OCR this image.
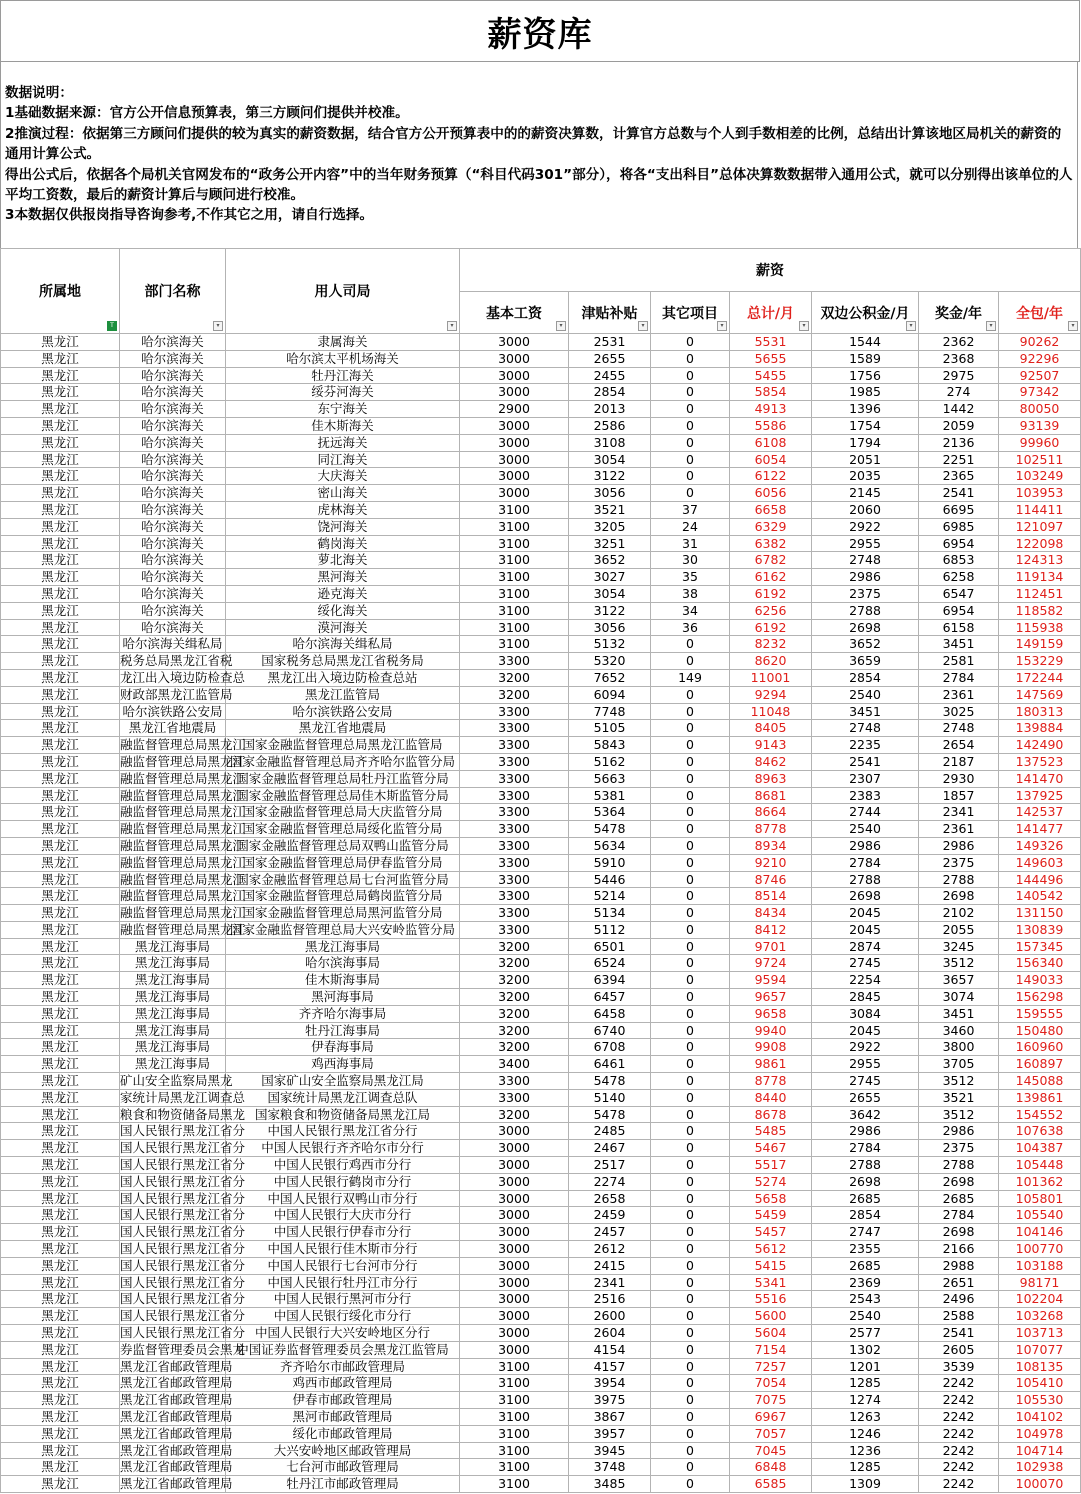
薪资库
数据说明：
1基础数据来源：官方公开信息预算表，第三方顾问们提供并校准。
2推演过程：依据第三方顾问们提供的较为真实的薪资数据，结合官方公开预算表中的的薪资决算数，计算官方总数与个人到手数相差的比例，总结出计算该地区局机关的薪资的通用计算公式。
得出公式后，依据各个局机关官网发布的“政务公开内容”中的当年财务预算（“科目代码301”部分），将各“支出科目”总体决算数数据带入通用公式，就可以分别得出该单位的人平均工资数，最后的薪资计算后与顾问进行校准。
3本数据仅供报岗指导咨询参考,不作其它之用，请自行选择。
所属地
T	部门名称
▾	用人司局
▾	薪资						
			基本工资
▾	津贴补贴
▾	其它项目
▾	总计/月
▾	双边公积金/月
▾	奖金/年
▾	全包/年
▾

黑龙江	哈尔滨海关	隶属海关	3000	2531	0	5531	1544	2362	90262
黑龙江	哈尔滨海关	哈尔滨太平机场海关	3000	2655	0	5655	1589	2368	92296
黑龙江	哈尔滨海关	牡丹江海关	3000	2455	0	5455	1756	2975	92507
黑龙江	哈尔滨海关	绥芬河海关	3000	2854	0	5854	1985	274	97342
黑龙江	哈尔滨海关	东宁海关	2900	2013	0	4913	1396	1442	80050
黑龙江	哈尔滨海关	佳木斯海关	3000	2586	0	5586	1754	2059	93139
黑龙江	哈尔滨海关	抚远海关	3000	3108	0	6108	1794	2136	99960
黑龙江	哈尔滨海关	同江海关	3000	3054	0	6054	2051	2251	102511
黑龙江	哈尔滨海关	大庆海关	3000	3122	0	6122	2035	2365	103249
黑龙江	哈尔滨海关	密山海关	3000	3056	0	6056	2145	2541	103953
黑龙江	哈尔滨海关	虎林海关	3100	3521	37	6658	2060	6695	114411
黑龙江	哈尔滨海关	饶河海关	3100	3205	24	6329	2922	6985	121097
黑龙江	哈尔滨海关	鹤岗海关	3100	3251	31	6382	2955	6954	122098
黑龙江	哈尔滨海关	萝北海关	3100	3652	30	6782	2748	6853	124313
黑龙江	哈尔滨海关	黑河海关	3100	3027	35	6162	2986	6258	119134
黑龙江	哈尔滨海关	逊克海关	3100	3054	38	6192	2375	6547	112451
黑龙江	哈尔滨海关	绥化海关	3100	3122	34	6256	2788	6954	118582
黑龙江	哈尔滨海关	漠河海关	3100	3056	36	6192	2698	6158	115938
黑龙江	哈尔滨海关缉私局	哈尔滨海关缉私局	3100	5132	0	8232	3652	3451	149159
黑龙江	税务总局黑龙江省税	国家税务总局黑龙江省税务局	3300	5320	0	8620	3659	2581	153229
黑龙江	龙江出入境边防检查总	黑龙江出入境边防检查总站	3200	7652	149	11001	2854	2784	172244
黑龙江	财政部黑龙江监管局	黑龙江监管局	3200	6094	0	9294	2540	2361	147569
黑龙江	哈尔滨铁路公安局	哈尔滨铁路公安局	3300	7748	0	11048	3451	3025	180313
黑龙江	黑龙江省地震局	黑龙江省地震局	3300	5105	0	8405	2748	2748	139884
黑龙江	融监督管理总局黑龙江	国家金融监督管理总局黑龙江监管局	3300	5843	0	9143	2235	2654	142490
黑龙江	融监督管理总局黑龙江	国家金融监督管理总局齐齐哈尔监管分局	3300	5162	0	8462	2541	2187	137523
黑龙江	融监督管理总局黑龙江	国家金融监督管理总局牡丹江监管分局	3300	5663	0	8963	2307	2930	141470
黑龙江	融监督管理总局黑龙江	国家金融监督管理总局佳木斯监管分局	3300	5381	0	8681	2383	1857	137925
黑龙江	融监督管理总局黑龙江	国家金融监督管理总局大庆监管分局	3300	5364	0	8664	2744	2341	142537
黑龙江	融监督管理总局黑龙江	国家金融监督管理总局绥化监管分局	3300	5478	0	8778	2540	2361	141477
黑龙江	融监督管理总局黑龙江	国家金融监督管理总局双鸭山监管分局	3300	5634	0	8934	2986	2986	149326
黑龙江	融监督管理总局黑龙江	国家金融监督管理总局伊春监管分局	3300	5910	0	9210	2784	2375	149603
黑龙江	融监督管理总局黑龙江	国家金融监督管理总局七台河监管分局	3300	5446	0	8746	2788	2788	144496
黑龙江	融监督管理总局黑龙江	国家金融监督管理总局鹤岗监管分局	3300	5214	0	8514	2698	2698	140542
黑龙江	融监督管理总局黑龙江	国家金融监督管理总局黑河监管分局	3300	5134	0	8434	2045	2102	131150
黑龙江	融监督管理总局黑龙江	国家金融监督管理总局大兴安岭监管分局	3300	5112	0	8412	2045	2055	130839
黑龙江	黑龙江海事局	黑龙江海事局	3200	6501	0	9701	2874	3245	157345
黑龙江	黑龙江海事局	哈尔滨海事局	3200	6524	0	9724	2745	3512	156340
黑龙江	黑龙江海事局	佳木斯海事局	3200	6394	0	9594	2254	3657	149033
黑龙江	黑龙江海事局	黑河海事局	3200	6457	0	9657	2845	3074	156298
黑龙江	黑龙江海事局	齐齐哈尔海事局	3200	6458	0	9658	3084	3451	159555
黑龙江	黑龙江海事局	牡丹江海事局	3200	6740	0	9940	2045	3460	150480
黑龙江	黑龙江海事局	伊春海事局	3200	6708	0	9908	2922	3800	160960
黑龙江	黑龙江海事局	鸡西海事局	3400	6461	0	9861	2955	3705	160897
黑龙江	矿山安全监察局黑龙	国家矿山安全监察局黑龙江局	3300	5478	0	8778	2745	3512	145088
黑龙江	家统计局黑龙江调查总	国家统计局黑龙江调查总队	3300	5140	0	8440	2655	3521	139861
黑龙江	粮食和物资储备局黑龙	国家粮食和物资储备局黑龙江局	3200	5478	0	8678	3642	3512	154552
黑龙江	国人民银行黑龙江省分	中国人民银行黑龙江省分行	3000	2485	0	5485	2986	2986	107638
黑龙江	国人民银行黑龙江省分	中国人民银行齐齐哈尔市分行	3000	2467	0	5467	2784	2375	104387
黑龙江	国人民银行黑龙江省分	中国人民银行鸡西市分行	3000	2517	0	5517	2788	2788	105448
黑龙江	国人民银行黑龙江省分	中国人民银行鹤岗市分行	3000	2274	0	5274	2698	2698	101362
黑龙江	国人民银行黑龙江省分	中国人民银行双鸭山市分行	3000	2658	0	5658	2685	2685	105801
黑龙江	国人民银行黑龙江省分	中国人民银行大庆市分行	3000	2459	0	5459	2854	2784	105540
黑龙江	国人民银行黑龙江省分	中国人民银行伊春市分行	3000	2457	0	5457	2747	2698	104146
黑龙江	国人民银行黑龙江省分	中国人民银行佳木斯市分行	3000	2612	0	5612	2355	2166	100770
黑龙江	国人民银行黑龙江省分	中国人民银行七台河市分行	3000	2415	0	5415	2685	2988	103188
黑龙江	国人民银行黑龙江省分	中国人民银行牡丹江市分行	3000	2341	0	5341	2369	2651	98171
黑龙江	国人民银行黑龙江省分	中国人民银行黑河市分行	3000	2516	0	5516	2543	2496	102204
黑龙江	国人民银行黑龙江省分	中国人民银行绥化市分行	3000	2600	0	5600	2540	2588	103268
黑龙江	国人民银行黑龙江省分	中国人民银行大兴安岭地区分行	3000	2604	0	5604	2577	2541	103713
黑龙江	券监督管理委员会黑龙	中国证券监督管理委员会黑龙江监管局	3000	4154	0	7154	1302	2605	107077
黑龙江	黑龙江省邮政管理局	齐齐哈尔市邮政管理局	3100	4157	0	7257	1201	3539	108135
黑龙江	黑龙江省邮政管理局	鸡西市邮政管理局	3100	3954	0	7054	1285	2242	105410
黑龙江	黑龙江省邮政管理局	伊春市邮政管理局	3100	3975	0	7075	1274	2242	105530
黑龙江	黑龙江省邮政管理局	黑河市邮政管理局	3100	3867	0	6967	1263	2242	104102
黑龙江	黑龙江省邮政管理局	绥化市邮政管理局	3100	3957	0	7057	1246	2242	104978
黑龙江	黑龙江省邮政管理局	大兴安岭地区邮政管理局	3100	3945	0	7045	1236	2242	104714
黑龙江	黑龙江省邮政管理局	七台河市邮政管理局	3100	3748	0	6848	1285	2242	102938
黑龙江	黑龙江省邮政管理局	牡丹江市邮政管理局	3100	3485	0	6585	1309	2242	100070
